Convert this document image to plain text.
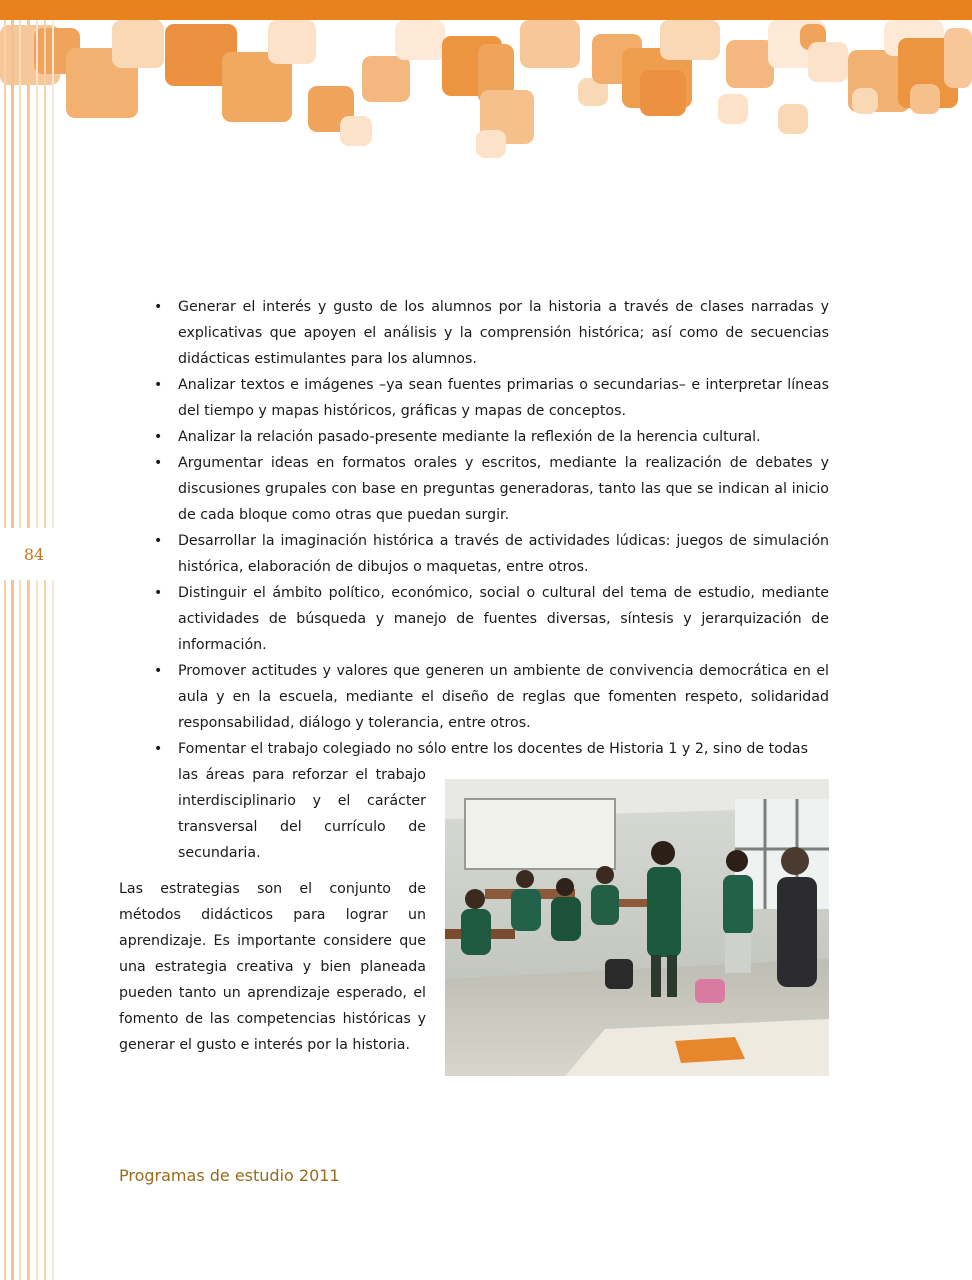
84
• Generar el interés y gusto de los alumnos por la historia a través de clases narradas y explicativas que apoyen el análisis y la comprensión histórica; así como de secuencias didácticas estimulantes para los alumnos.
• Analizar textos e imágenes –ya sean fuentes primarias o secundarias– e interpretar líneas del tiempo y mapas históricos, gráficas y mapas de conceptos.
• Analizar la relación pasado-presente mediante la reflexión de la herencia cultural.
• Argumentar ideas en formatos orales y escritos, mediante la realización de debates y discusiones grupales con base en preguntas generadoras, tanto las que se indican al inicio de cada bloque como otras que puedan surgir.
• Desarrollar la imaginación histórica a través de actividades lúdicas: juegos de simulación histórica, elaboración de dibujos o maquetas, entre otros.
• Distinguir el ámbito político, económico, social o cultural del tema de estudio, mediante actividades de búsqueda y manejo de fuentes diversas, síntesis y jerarquización de información.
• Promover actitudes y valores que generen un ambiente de convivencia democrática en el aula y en la escuela, mediante el diseño de reglas que fomenten respeto, solidaridad responsabilidad, diálogo y tolerancia, entre otros.
• Fomentar el trabajo colegiado no sólo entre los docentes de Historia 1 y 2, sino de todas
las áreas para reforzar el trabajo interdisciplinario y el carácter transversal del currículo de secundaria.

Las estrategias son el conjunto de métodos didácticos para lograr un aprendizaje. Es importante considere que una estrategia creativa y bien planeada pueden tanto un aprendizaje esperado, el fomento de las competencias históricas y generar el gusto e interés por la historia.

Programas de estudio 2011
